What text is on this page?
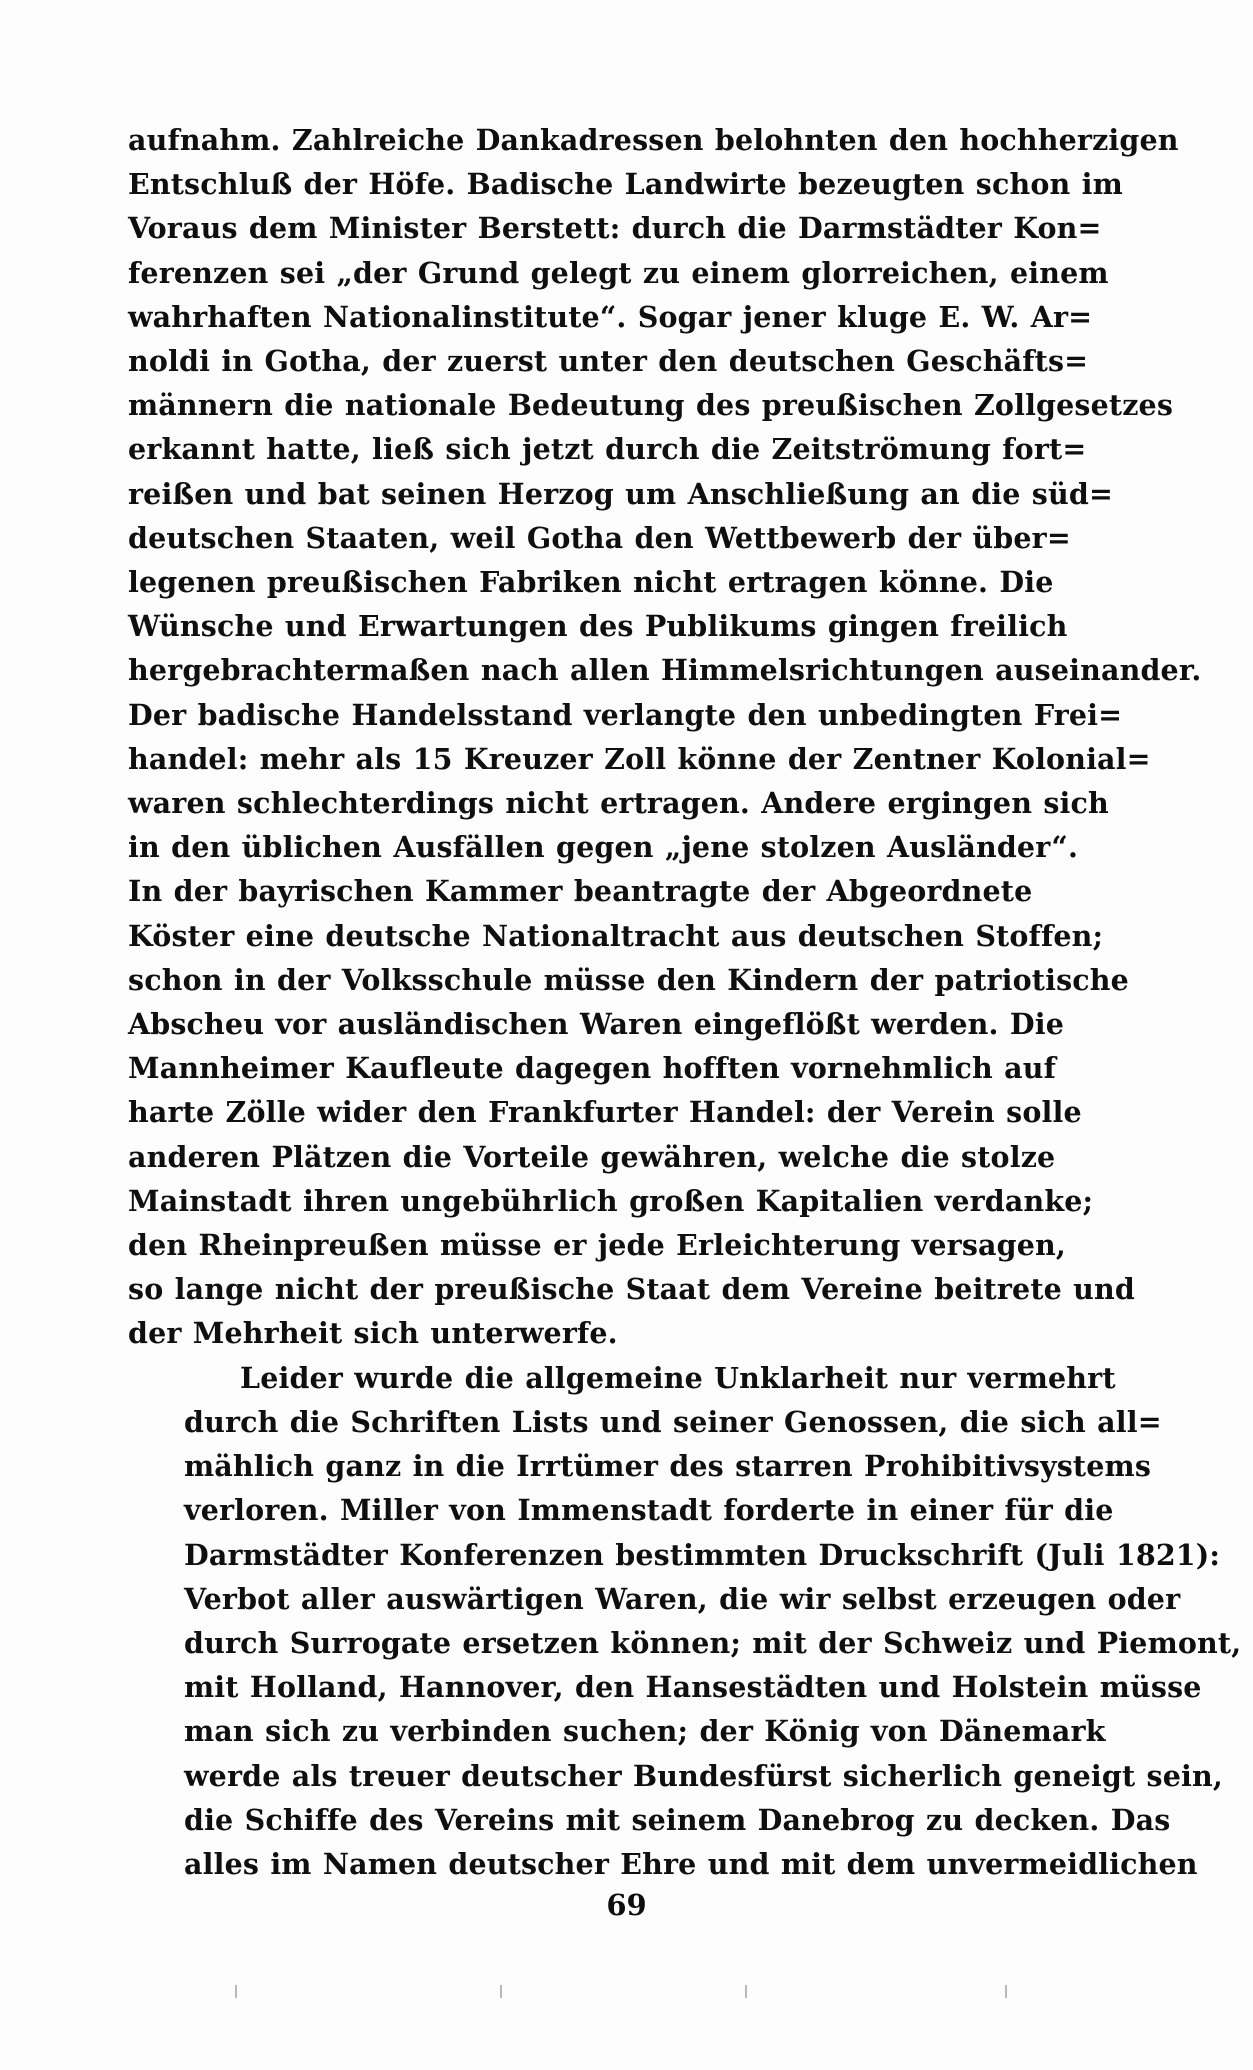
aufnahm. Zahlreiche Dankadressen belohnten den hochherzigen
Entschluß der Höfe. Badische Landwirte bezeugten schon im
Voraus dem Minister Berstett: durch die Darmstädter Kon=
ferenzen sei „der Grund gelegt zu einem glorreichen, einem
wahrhaften Nationalinstitute“. Sogar jener kluge E. W. Ar=
noldi in Gotha, der zuerst unter den deutschen Geschäfts=
männern die nationale Bedeutung des preußischen Zollgesetzes
erkannt hatte, ließ sich jetzt durch die Zeitströmung fort=
reißen und bat seinen Herzog um Anschließung an die süd=
deutschen Staaten, weil Gotha den Wettbewerb der über=
legenen preußischen Fabriken nicht ertragen könne. Die
Wünsche und Erwartungen des Publikums gingen freilich
hergebrachtermaßen nach allen Himmelsrichtungen auseinander.
Der badische Handelsstand verlangte den unbedingten Frei=
handel: mehr als 15 Kreuzer Zoll könne der Zentner Kolonial=
waren schlechterdings nicht ertragen. Andere ergingen sich
in den üblichen Ausfällen gegen „jene stolzen Ausländer“.
In der bayrischen Kammer beantragte der Abgeordnete
Köster eine deutsche Nationaltracht aus deutschen Stoffen;
schon in der Volksschule müsse den Kindern der patriotische
Abscheu vor ausländischen Waren eingeflößt werden. Die
Mannheimer Kaufleute dagegen hofften vornehmlich auf
harte Zölle wider den Frankfurter Handel: der Verein solle
anderen Plätzen die Vorteile gewähren, welche die stolze
Mainstadt ihren ungebührlich großen Kapitalien verdanke;
den Rheinpreußen müsse er jede Erleichterung versagen,
so lange nicht der preußische Staat dem Vereine beitrete und
der Mehrheit sich unterwerfe.

Leider wurde die allgemeine Unklarheit nur vermehrt
durch die Schriften Lists und seiner Genossen, die sich all=
mählich ganz in die Irrtümer des starren Prohibitivsystems
verloren. Miller von Immenstadt forderte in einer für die
Darmstädter Konferenzen bestimmten Druckschrift (Juli 1821):
Verbot aller auswärtigen Waren, die wir selbst erzeugen oder
durch Surrogate ersetzen können; mit der Schweiz und Piemont,
mit Holland, Hannover, den Hansestädten und Holstein müsse
man sich zu verbinden suchen; der König von Dänemark
werde als treuer deutscher Bundesfürst sicherlich geneigt sein,
die Schiffe des Vereins mit seinem Danebrog zu decken. Das
alles im Namen deutscher Ehre und mit dem unvermeidlichen

69
